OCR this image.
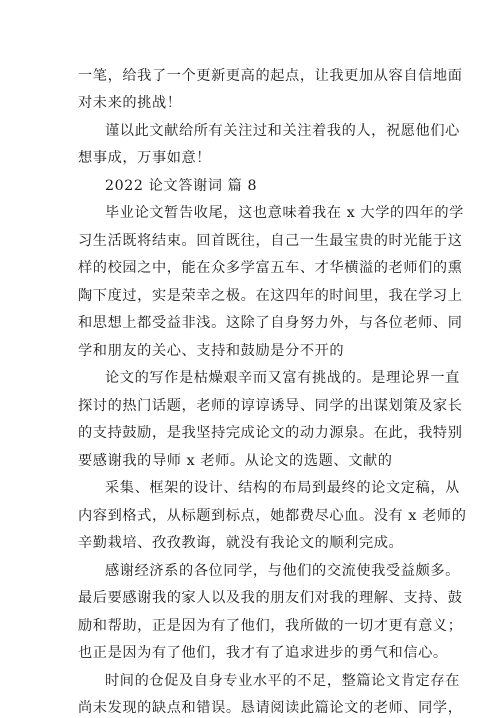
一笔，给我了一个更新更高的起点，让我更加从容自信地面
对未来的挑战！
谨以此文献给所有关注过和关注着我的人，祝愿他们心
想事成，万事如意！
2022 论文答谢词 篇 8
毕业论文暂告收尾，这也意味着我在 x 大学的四年的学
习生活既将结束。回首既往，自己一生最宝贵的时光能于这
样的校园之中，能在众多学富五车、才华横溢的老师们的熏
陶下度过，实是荣幸之极。在这四年的时间里，我在学习上
和思想上都受益非浅。这除了自身努力外，与各位老师、同
学和朋友的关心、支持和鼓励是分不开的
论文的写作是枯燥艰辛而又富有挑战的。是理论界一直
探讨的热门话题，老师的谆谆诱导、同学的出谋划策及家长
的支持鼓励，是我坚持完成论文的动力源泉。在此，我特别
要感谢我的导师 x 老师。从论文的选题、文献的
采集、框架的设计、结构的布局到最终的论文定稿，从
内容到格式，从标题到标点，她都费尽心血。没有 x 老师的
辛勤栽培、孜孜教诲，就没有我论文的顺利完成。
感谢经济系的各位同学，与他们的交流使我受益颇多。
最后要感谢我的家人以及我的朋友们对我的理解、支持、鼓
励和帮助，正是因为有了他们，我所做的一切才更有意义；
也正是因为有了他们，我才有了追求进步的勇气和信心。
时间的仓促及自身专业水平的不足，整篇论文肯定存在
尚未发现的缺点和错误。恳请阅读此篇论文的老师、同学，
